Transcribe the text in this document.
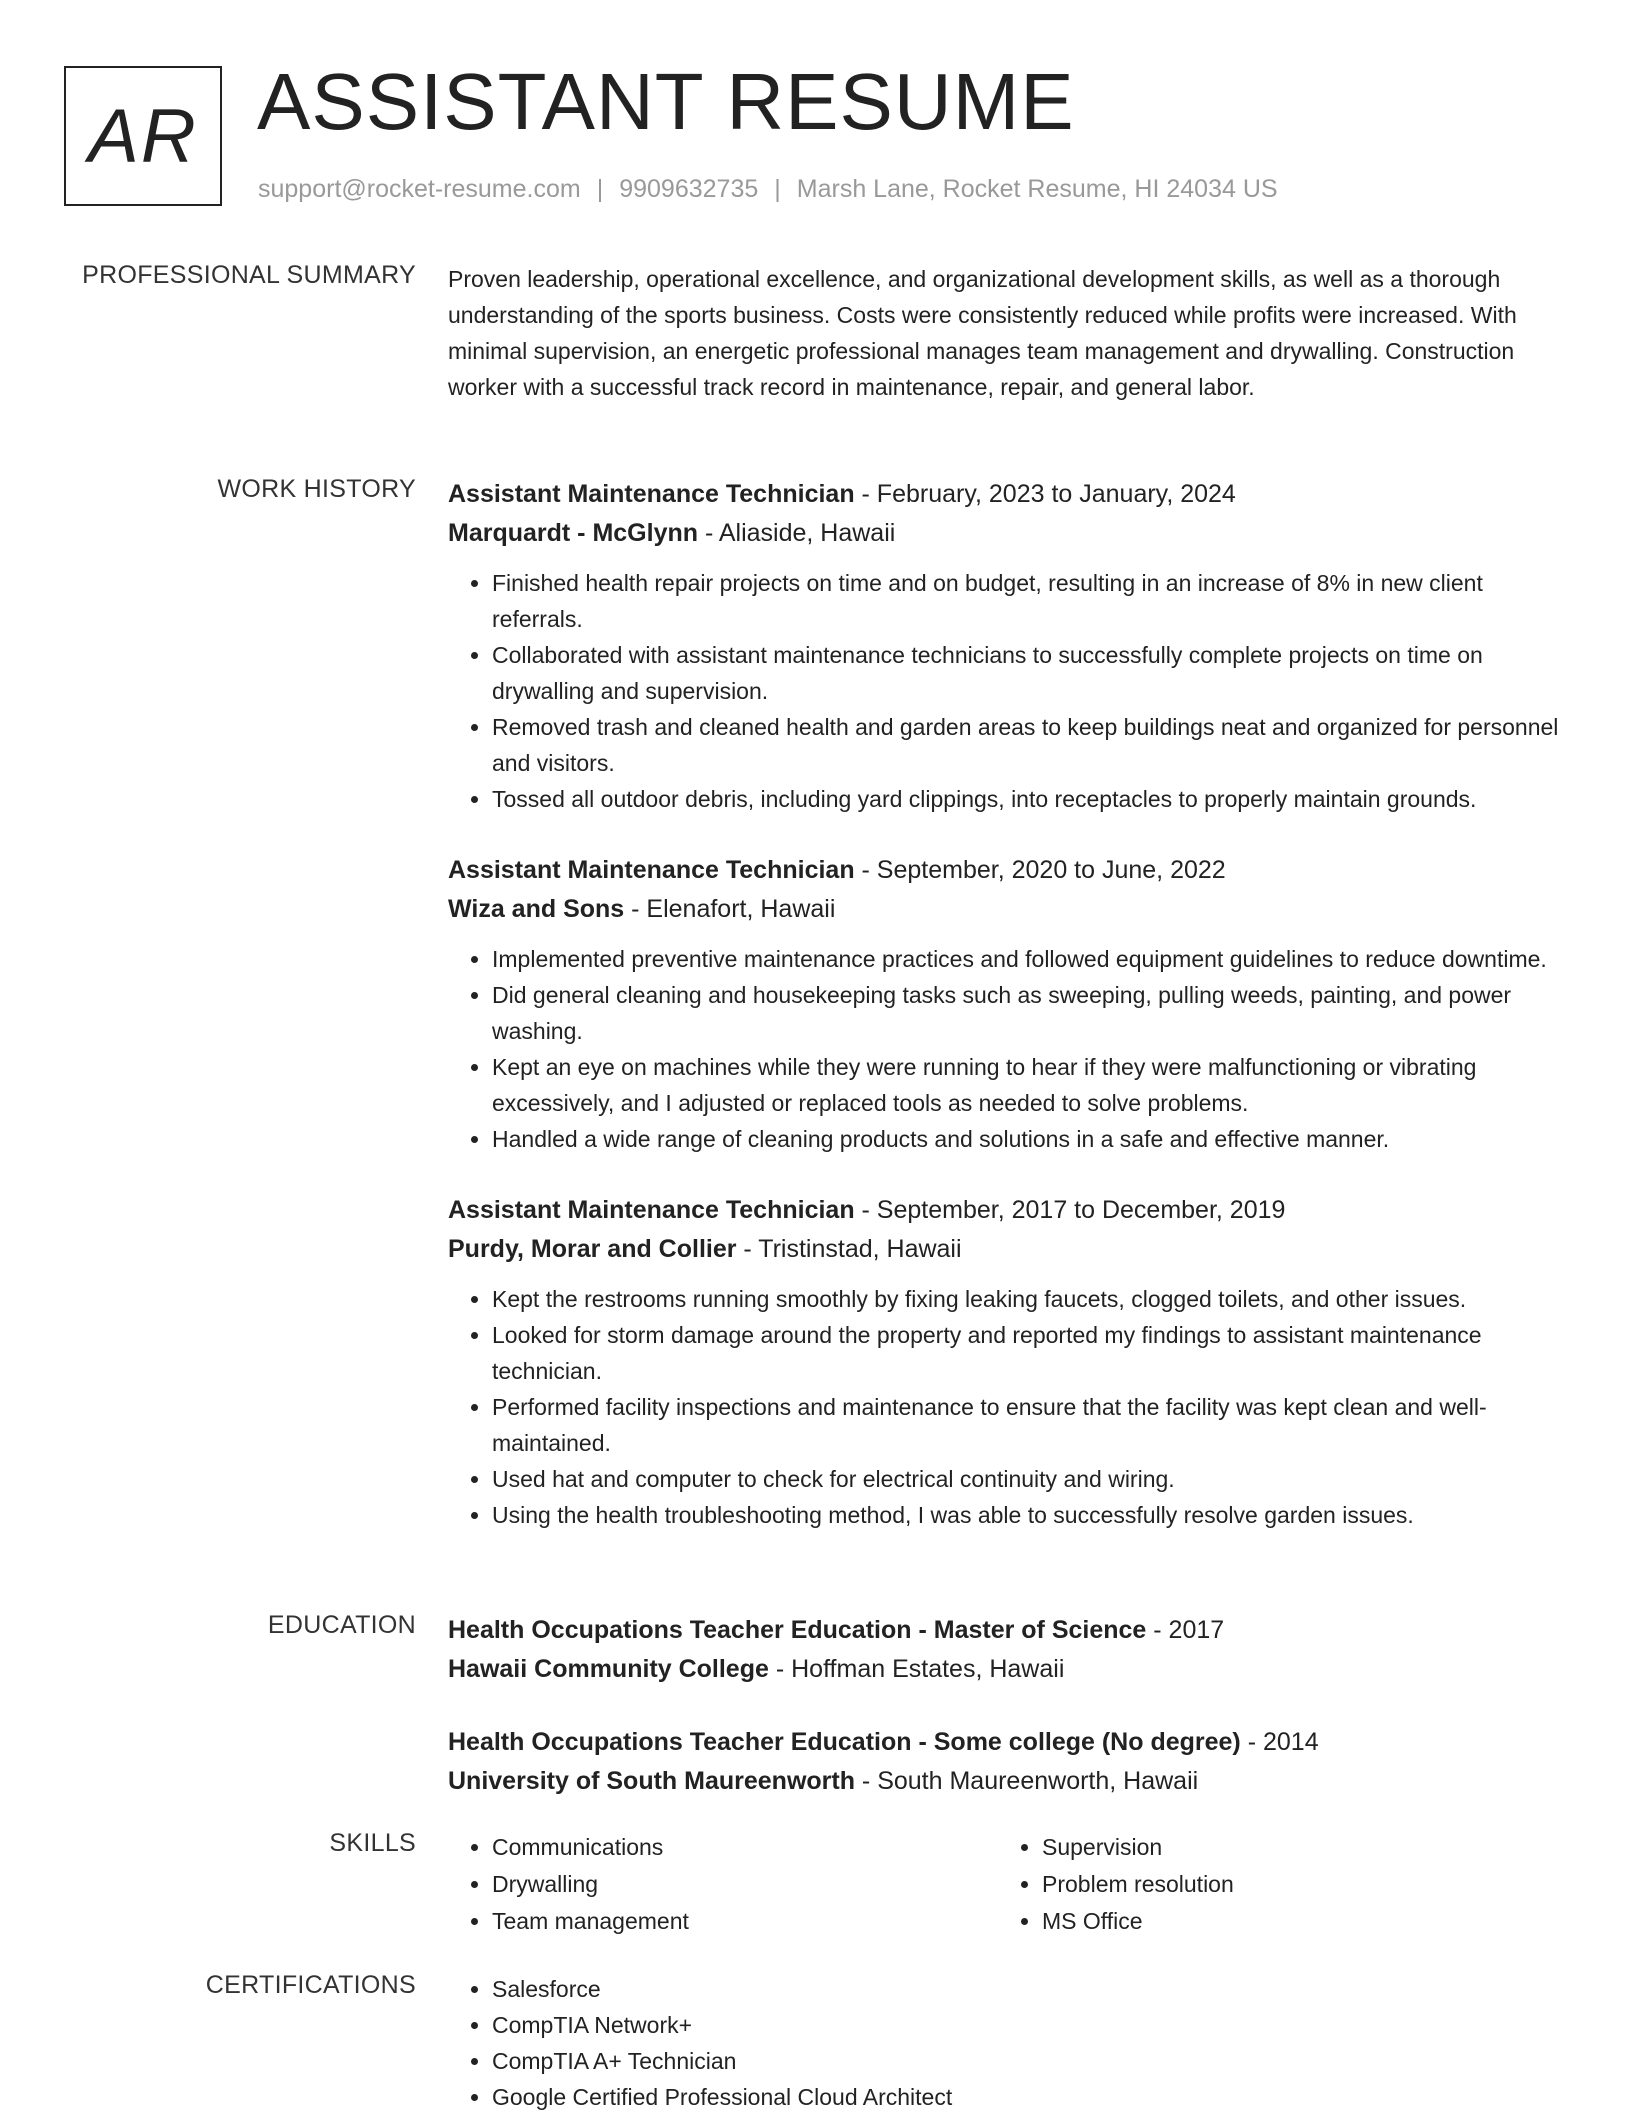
AR ASSISTANT RESUME
support@rocket-resume.com | 9909632735 | Marsh Lane, Rocket Resume, HI 24034 US
PROFESSIONAL SUMMARY Proven leadership, operational excellence, and organizational development skills, as well as a thorough understanding of the sports business. Costs were consistently reduced while profits were increased. With minimal supervision, an energetic professional manages team management and drywalling. Construction worker with a successful track record in maintenance, repair, and general labor.

WORK HISTORY Assistant Maintenance Technician - February, 2023 to January, 2024
Marquardt - McGlynn - Aliaside, Hawaii
• Finished health repair projects on time and on budget, resulting in an increase of 8% in new client referrals.
• Collaborated with assistant maintenance technicians to successfully complete projects on time on drywalling and supervision.
• Removed trash and cleaned health and garden areas to keep buildings neat and organized for personnel and visitors.
• Tossed all outdoor debris, including yard clippings, into receptacles to properly maintain grounds.
Assistant Maintenance Technician - September, 2020 to June, 2022
Wiza and Sons - Elenafort, Hawaii
• Implemented preventive maintenance practices and followed equipment guidelines to reduce downtime.
• Did general cleaning and housekeeping tasks such as sweeping, pulling weeds, painting, and power washing.
• Kept an eye on machines while they were running to hear if they were malfunctioning or vibrating excessively, and I adjusted or replaced tools as needed to solve problems.
• Handled a wide range of cleaning products and solutions in a safe and effective manner.
Assistant Maintenance Technician - September, 2017 to December, 2019
Purdy, Morar and Collier - Tristinstad, Hawaii
• Kept the restrooms running smoothly by fixing leaking faucets, clogged toilets, and other issues.
• Looked for storm damage around the property and reported my findings to assistant maintenance technician.
• Performed facility inspections and maintenance to ensure that the facility was kept clean and well-maintained.
• Used hat and computer to check for electrical continuity and wiring.
• Using the health troubleshooting method, I was able to successfully resolve garden issues.
EDUCATION Health Occupations Teacher Education - Master of Science - 2017
Hawaii Community College - Hoffman Estates, Hawaii
Health Occupations Teacher Education - Some college (No degree) - 2014
University of South Maureenworth - South Maureenworth, Hawaii
SKILLS	• Communications
• Drywalling
• Team management
• Supervision
• Problem resolution
• MS Office
CERTIFICATIONS	• Salesforce
• CompTIA Network+
• CompTIA A+ Technician
• Google Certified Professional Cloud Architect
